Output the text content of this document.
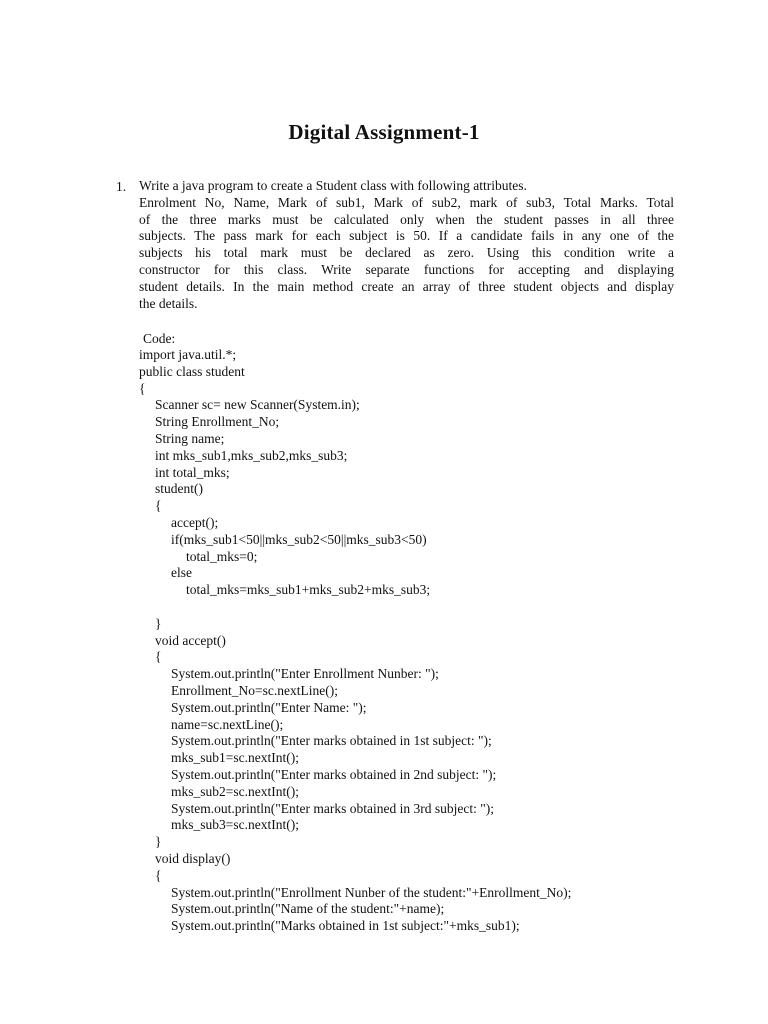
Digital Assignment-1
1. Write a java program to create a Student class with following attributes.
Enrolment No, Name, Mark of sub1, Mark of sub2, mark of sub3, Total Marks. Total
of the three marks must be calculated only when the student passes in all three
subjects. The pass mark for each subject is 50. If a candidate fails in any one of the
subjects his total mark must be declared as zero. Using this condition write a
constructor for this class. Write separate functions for accepting and displaying
student details. In the main method create an array of three student objects and display
the details.
Code:
import java.util.*;
public class student
{
Scanner sc= new Scanner(System.in);
String Enrollment_No;
String name;
int mks_sub1,mks_sub2,mks_sub3;
int total_mks;
student()
{
accept();
if(mks_sub1<50||mks_sub2<50||mks_sub3<50)
total_mks=0;
else
total_mks=mks_sub1+mks_sub2+mks_sub3;
}
void accept()
{
System.out.println("Enter Enrollment Nunber: ");
Enrollment_No=sc.nextLine();
System.out.println("Enter Name: ");
name=sc.nextLine();
System.out.println("Enter marks obtained in 1st subject: ");
mks_sub1=sc.nextInt();
System.out.println("Enter marks obtained in 2nd subject: ");
mks_sub2=sc.nextInt();
System.out.println("Enter marks obtained in 3rd subject: ");
mks_sub3=sc.nextInt();
}
void display()
{
System.out.println("Enrollment Nunber of the student:"+Enrollment_No);
System.out.println("Name of the student:"+name);
System.out.println("Marks obtained in 1st subject:"+mks_sub1);
